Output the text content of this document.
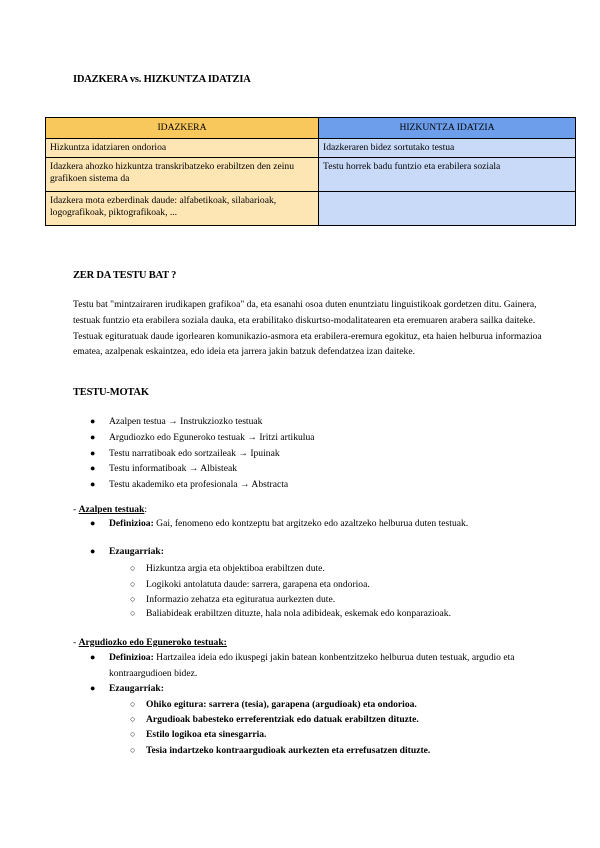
IDAZKERA vs. HIZKUNTZA IDATZIA
IDAZKERA	HIZKUNTZA IDATZIA
Hizkuntza idatziaren ondorioa	Idazkeraren bidez sortutako testua
Idazkera ahozko hizkuntza transkribatzeko erabiltzen den zeinu grafikoen sistema da	Testu horrek badu funtzio eta erabilera soziala
Idazkera mota ezberdinak daude: alfabetikoak, silabarioak, logografikoak, piktografikoak, ...	
ZER DA TESTU BAT ?
Testu bat "mintzairaren irudikapen grafikoa" da, eta esanahi osoa duten enuntziatu linguistikoak gordetzen ditu. Gainera, testuak funtzio eta erabilera soziala dauka, eta erabilitako diskurtso-modalitatearen eta eremuaren arabera sailka daiteke. Testuak egituratuak daude igorlearen komunikazio-asmora eta erabilera-eremura egokituz, eta haien helburua informazioa ematea, azalpenak eskaintzea, edo ideia eta jarrera jakin batzuk defendatzea izan daiteke.
TESTU-MOTAK
● Azalpen testua → Instrukziozko testuak
● Argudiozko edo Eguneroko testuak → Iritzi artikulua
● Testu narratiboak edo sortzaileak → Ipuinak
● Testu informatiboak → Albisteak
● Testu akademiko eta profesionala → Abstracta
- Azalpen testuak:
● Definizioa: Gai, fenomeno edo kontzeptu bat argitzeko edo azaltzeko helburua duten testuak.
● Ezaugarriak:
○ Hizkuntza argia eta objektiboa erabiltzen dute.
○ Logikoki antolatuta daude: sarrera, garapena eta ondorioa.
○ Informazio zehatza eta egituratua aurkezten dute.
○ Baliabideak erabiltzen dituzte, hala nola adibideak, eskemak edo konparazioak.
- Argudiozko edo Eguneroko testuak:
● Definizioa: Hartzailea ideia edo ikuspegi jakin batean konbentzitzeko helburua duten testuak, argudio eta kontraargudioen bidez.
● Ezaugarriak:
○ Ohiko egitura: sarrera (tesia), garapena (argudioak) eta ondorioa.
○ Argudioak babesteko erreferentziak edo datuak erabiltzen dituzte.
○ Estilo logikoa eta sinesgarria.
○ Tesia indartzeko kontraargudioak aurkezten eta errefusatzen dituzte.
